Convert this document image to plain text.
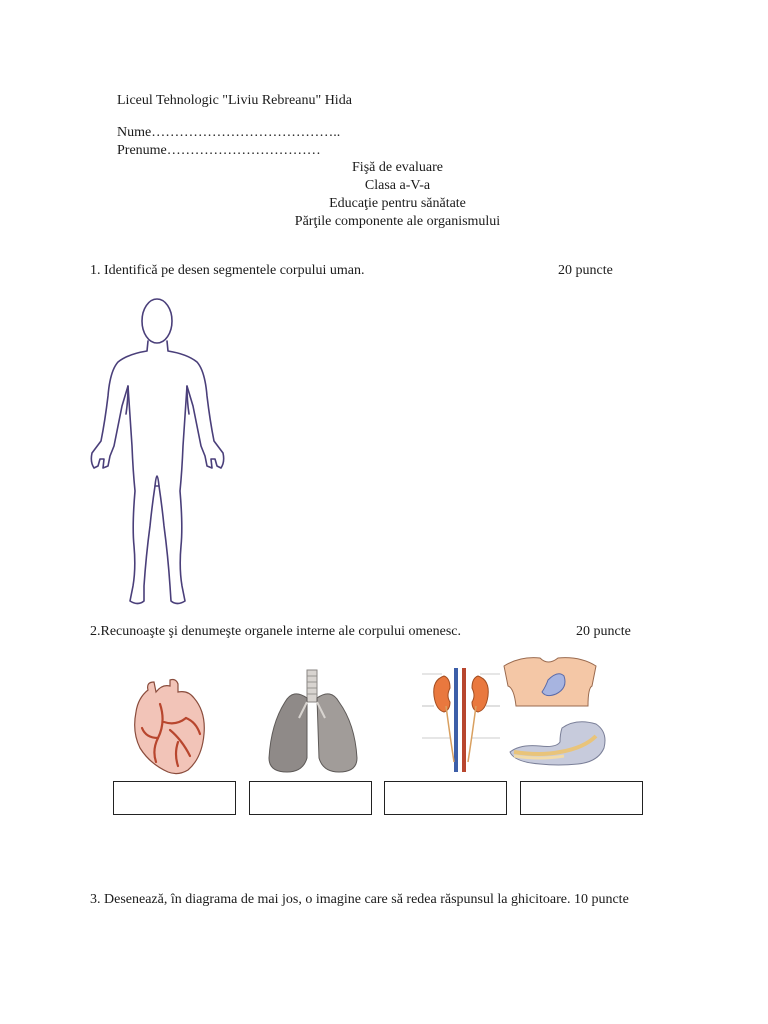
Liceul Tehnologic "Liviu Rebreanu" Hida
Nume…………………………………..
Prenume……………………………
Fişă de evaluare
Clasa a-V-a
Educaţie pentru sănătate
Părţile componente ale organismului
1. Identifică pe desen segmentele corpului uman.	20 puncte
2.Recunoaşte şi denumeşte organele interne ale corpului omenesc.	20 puncte
3. Desenează, în diagrama de mai jos, o imagine care să redea răspunsul la ghicitoare. 10 puncte
